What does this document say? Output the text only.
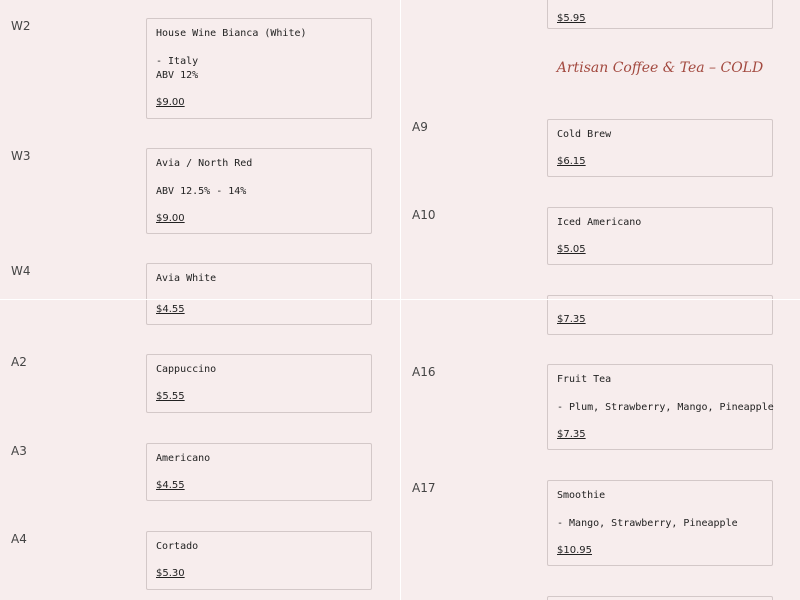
W2
House Wine Bianca (White)

- Italy
ABV 12%
$9.00
W3
Avia / North Red

ABV 12.5% - 14%
$9.00
W4
Avia White
$4.55
A2
Cappuccino
$5.55
A3
Americano
$4.55
A4
Cortado
$5.30
$5.95
Artisan Coffee & Tea – COLD
A9
Cold Brew
$6.15
A10
Iced Americano
$5.05
$7.35
A16
Fruit Tea

- Plum, Strawberry, Mango, Pineapple
$7.35
A17
Smoothie

- Mango, Strawberry, Pineapple
$10.95
